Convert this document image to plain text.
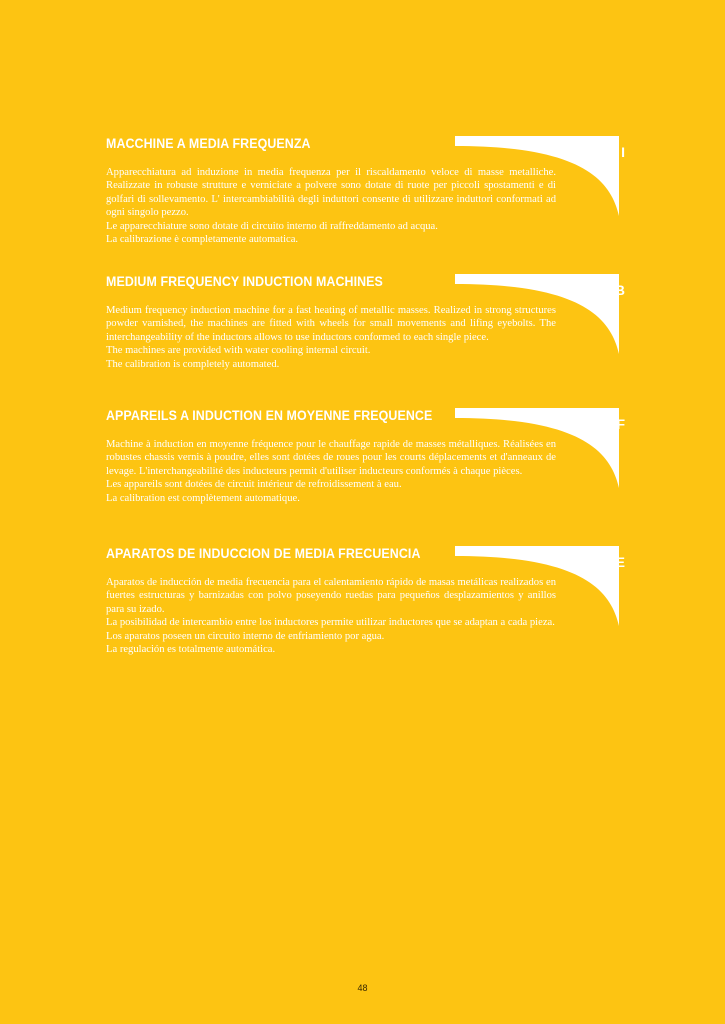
MACCHINE A MEDIA FREQUENZA
I

Apparecchiatura ad induzione in media frequenza per il riscaldamento veloce di masse metalliche. Realizzate in robuste strutture e verniciate a polvere sono dotate di ruote per piccoli spostamenti e di golfari di sollevamento. L' intercambiabilità degli induttori consente di utilizzare induttori conformati ad ogni singolo pezzo.

Le apparecchiature sono dotate di circuito interno di raffreddamento ad acqua.

La calibrazione è completamente automatica.

MEDIUM FREQUENCY INDUCTION MACHINES
GB

Medium frequency induction machine for a fast heating of metallic masses. Realized in strong structures powder varnished, the machines are fitted with wheels for small movements and lifing eyebolts. The interchangeability of the inductors allows to use inductors conformed to each single piece.

The machines are provided with water cooling internal circuit.

The calibration is completely automated.

APPAREILS A INDUCTION EN MOYENNE FREQUENCE
F

Machine à induction en moyenne fréquence pour le chauffage rapide de masses métalliques. Réalisées en robustes chassis vernis à poudre, elles sont dotées de roues pour les courts déplacements et d'anneaux de levage. L'interchangeabilité des inducteurs permit d'utiliser inducteurs conformés à chaque pièces.

Les appareils sont dotées de circuit intérieur de refroidissement à eau.

La calibration est complètement automatique.

APARATOS DE INDUCCION DE MEDIA FRECUENCIA
E

Aparatos de inducción de media frecuencia para el calentamiento rápido de masas metálicas realizados en fuertes estructuras y barnizadas con polvo poseyendo ruedas para pequeños desplazamientos y anillos para su izado.

La posibilidad de intercambio entre los inductores permite utilizar inductores que se adaptan a cada pieza.

Los aparatos poseen un circuito interno de enfriamiento por agua.

La regulación es totalmente automática.

48
